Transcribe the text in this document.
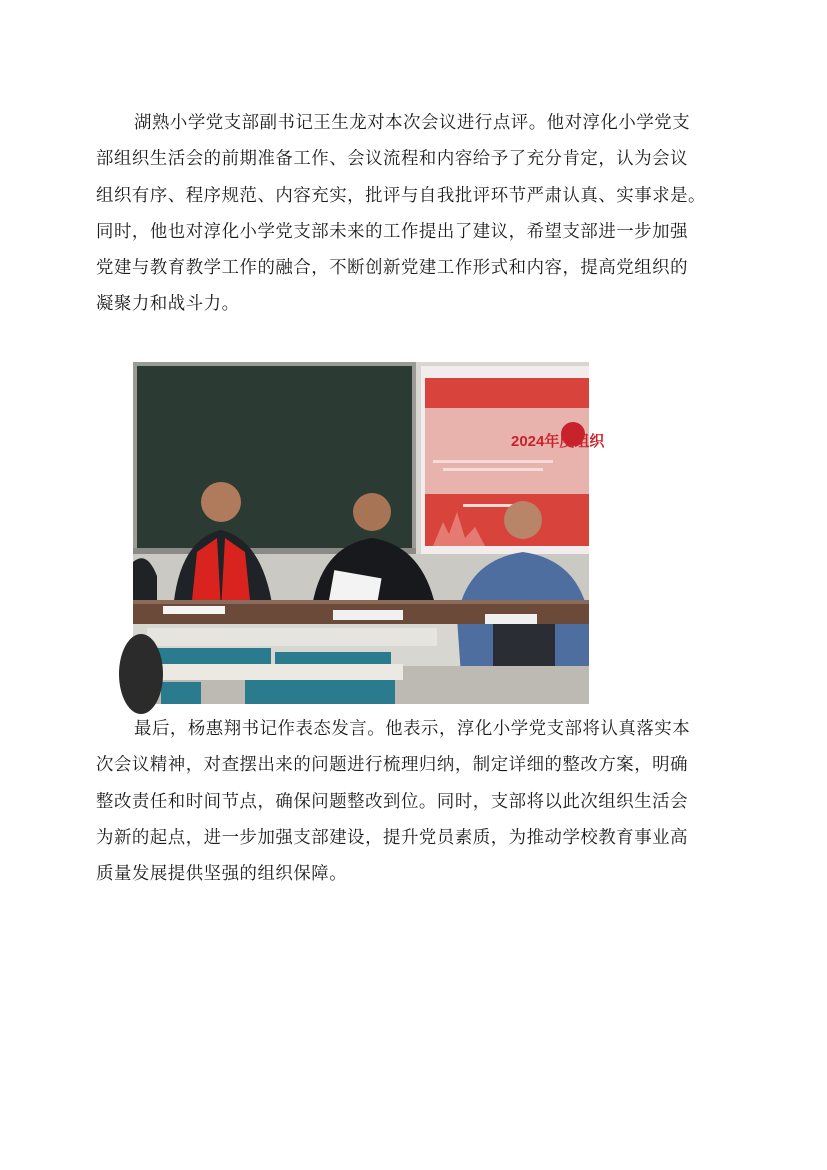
湖熟小学党支部副书记王生龙对本次会议进行点评。他对淳化小学党支
部组织生活会的前期准备工作、会议流程和内容给予了充分肯定，认为会议
组织有序、程序规范、内容充实，批评与自我批评环节严肃认真、实事求是。
同时，他也对淳化小学党支部未来的工作提出了建议，希望支部进一步加强
党建与教育教学工作的融合，不断创新党建工作形式和内容，提高党组织的
凝聚力和战斗力。
2024年度组织
最后，杨惠翔书记作表态发言。他表示，淳化小学党支部将认真落实本
次会议精神，对查摆出来的问题进行梳理归纳，制定详细的整改方案，明确
整改责任和时间节点，确保问题整改到位。同时，支部将以此次组织生活会
为新的起点，进一步加强支部建设，提升党员素质，为推动学校教育事业高
质量发展提供坚强的组织保障。
